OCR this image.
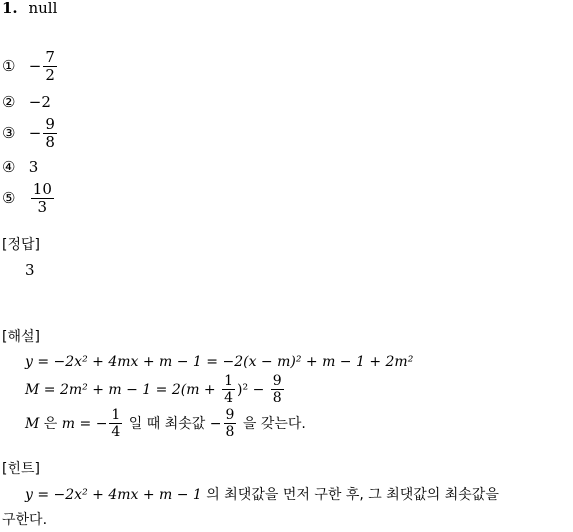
1. null
① − $\frac{7}{2}$
② −2
③ − $\frac{9}{8}$
④ 3
⑤ $\frac{10}{3}$
[정답]
3
[해설]
y = −2x² + 4mx + m − 1 = −2(x − m)² + m − 1 + 2m²
$M = 2m^2 + m - 1 = 2(m + \frac{1}{4} )^2 - \frac{9}{8}$
M 은 m = − $\frac{1}{4}$ 일 때 최솟값 − $\frac{9}{8}$ 을 갖는다.
[힌트]
y = −2x² + 4mx + m − 1 의 최댓값을 먼저 구한 후, 그 최댓값의 최솟값을
구한다.
